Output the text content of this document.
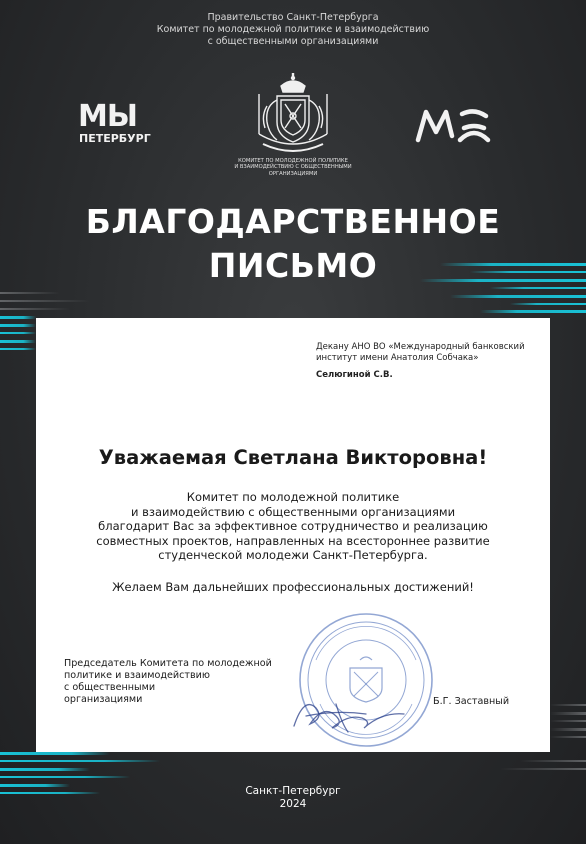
Правительство Санкт-Петербурга
Комитет по молодежной политике и взаимодействию
с общественными организациями
МЫ
ПЕТЕРБУРГ
КОМИТЕТ ПО МОЛОДЕЖНОЙ ПОЛИТИКЕ
И ВЗАИМОДЕЙСТВИЮ С ОБЩЕСТВЕННЫМИ
ОРГАНИЗАЦИЯМИ
БЛАГОДАРСТВЕННОЕ
ПИСЬМО
Декану АНО ВО «Международный банковский
институт имени Анатолия Собчака»
Селюгиной С.В.
Уважаемая Светлана Викторовна!
Комитет по молодежной политике
и взаимодействию с общественными организациями
благодарит Вас за эффективное сотрудничество и реализацию
совместных проектов, направленных на всестороннее развитие
студенческой молодежи Санкт-Петербурга.
Желаем Вам дальнейших профессиональных достижений!
Председатель Комитета по молодежной
политике и взаимодействию
с общественными
организациями	Б.Г. Заставный
Санкт-Петербург
2024
